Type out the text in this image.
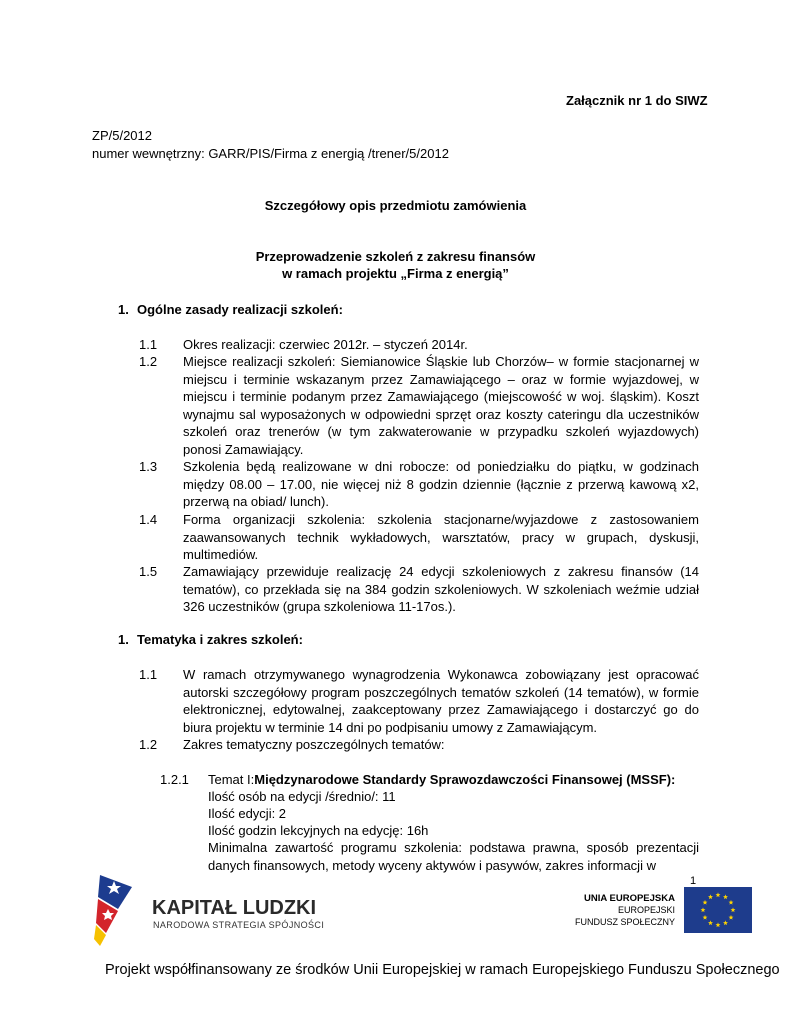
Załącznik nr 1 do SIWZ
ZP/5/2012
numer wewnętrzny: GARR/PIS/Firma z energią /trener/5/2012
Szczegółowy opis przedmiotu zamówienia
Przeprowadzenie szkoleń z zakresu finansów
w ramach projektu „Firma z energią”
1. Ogólne zasady realizacji szkoleń:
1.1 Okres realizacji: czerwiec 2012r. – styczeń 2014r.
1.2 Miejsce realizacji szkoleń: Siemianowice Śląskie lub Chorzów– w formie stacjonarnej w miejscu i terminie wskazanym przez Zamawiającego – oraz w formie wyjazdowej, w miejscu i terminie podanym przez Zamawiającego (miejscowość w woj. śląskim). Koszt wynajmu sal wyposażonych w odpowiedni sprzęt oraz koszty cateringu dla uczestników szkoleń oraz trenerów (w tym zakwaterowanie w przypadku szkoleń wyjazdowych) ponosi Zamawiający.
1.3 Szkolenia będą realizowane w dni robocze: od poniedziałku do piątku, w godzinach między 08.00 – 17.00, nie więcej niż 8 godzin dziennie (łącznie z przerwą kawową x2, przerwą na obiad/ lunch).
1.4 Forma organizacji szkolenia: szkolenia stacjonarne/wyjazdowe z zastosowaniem zaawansowanych technik wykładowych, warsztatów, pracy w grupach, dyskusji, multimediów.
1.5 Zamawiający przewiduje realizację 24 edycji szkoleniowych z zakresu finansów (14 tematów), co przekłada się na 384 godzin szkoleniowych. W szkoleniach weźmie udział 326 uczestników (grupa szkoleniowa 11-17os.).
1. Tematyka i zakres szkoleń:
1.1 W ramach otrzymywanego wynagrodzenia Wykonawca zobowiązany jest opracować autorski szczegółowy program poszczególnych tematów szkoleń (14 tematów), w formie elektronicznej, edytowalnej, zaakceptowany przez Zamawiającego i dostarczyć go do biura projektu w terminie 14 dni po podpisaniu umowy z Zamawiającym.
1.2 Zakres tematyczny poszczególnych tematów:
1.2.1 Temat I:Międzynarodowe Standardy Sprawozdawczości Finansowej (MSSF):
Ilość osób na edycji /średnio/: 11
Ilość edycji: 2
Ilość godzin lekcyjnych na edycję: 16h
Minimalna zawartość programu szkolenia: podstawa prawna, sposób prezentacji danych finansowych, metody wyceny aktywów i pasywów, zakres informacji w
1
KAPITAŁ LUDZKI
NARODOWA STRATEGIA SPÓJNOŚCI
UNIA EUROPEJSKA
EUROPEJSKI
FUNDUSZ SPOŁECZNY
Projekt współfinansowany ze środków Unii Europejskiej w ramach Europejskiego Funduszu Społecznego
